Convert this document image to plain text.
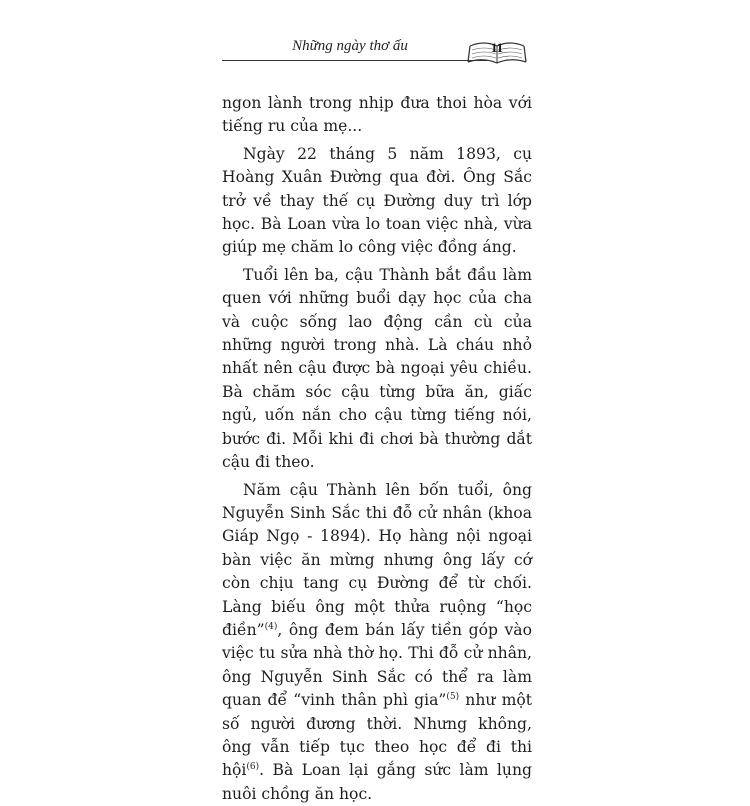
Những ngày thơ ấu	11

ngon lành trong nhịp đưa thoi hòa với tiếng ru của mẹ...

Ngày 22 tháng 5 năm 1893, cụ Hoàng Xuân Đường qua đời. Ông Sắc trở về thay thế cụ Đường duy trì lớp học. Bà Loan vừa lo toan việc nhà, vừa giúp mẹ chăm lo công việc đồng áng.

Tuổi lên ba, cậu Thành bắt đầu làm quen với những buổi dạy học của cha và cuộc sống lao động cần cù của những người trong nhà. Là cháu nhỏ nhất nên cậu được bà ngoại yêu chiều. Bà chăm sóc cậu từng bữa ăn, giấc ngủ, uốn nắn cho cậu từng tiếng nói, bước đi. Mỗi khi đi chơi bà thường dắt cậu đi theo.

Năm cậu Thành lên bốn tuổi, ông Nguyễn Sinh Sắc thi đỗ cử nhân (khoa Giáp Ngọ - 1894). Họ hàng nội ngoại bàn việc ăn mừng nhưng ông lấy cớ còn chịu tang cụ Đường để từ chối. Làng biếu ông một thửa ruộng “học điền”$^{(4)}$, ông đem bán lấy tiền góp vào việc tu sửa nhà thờ họ. Thi đỗ cử nhân, ông Nguyễn Sinh Sắc có thể ra làm quan để “vinh thân phì gia”$^{(5)}$ như một số người đương thời. Nhưng không, ông vẫn tiếp tục theo học để đi thi hội$^{(6)}$. Bà Loan lại gắng sức làm lụng nuôi chồng ăn học.
